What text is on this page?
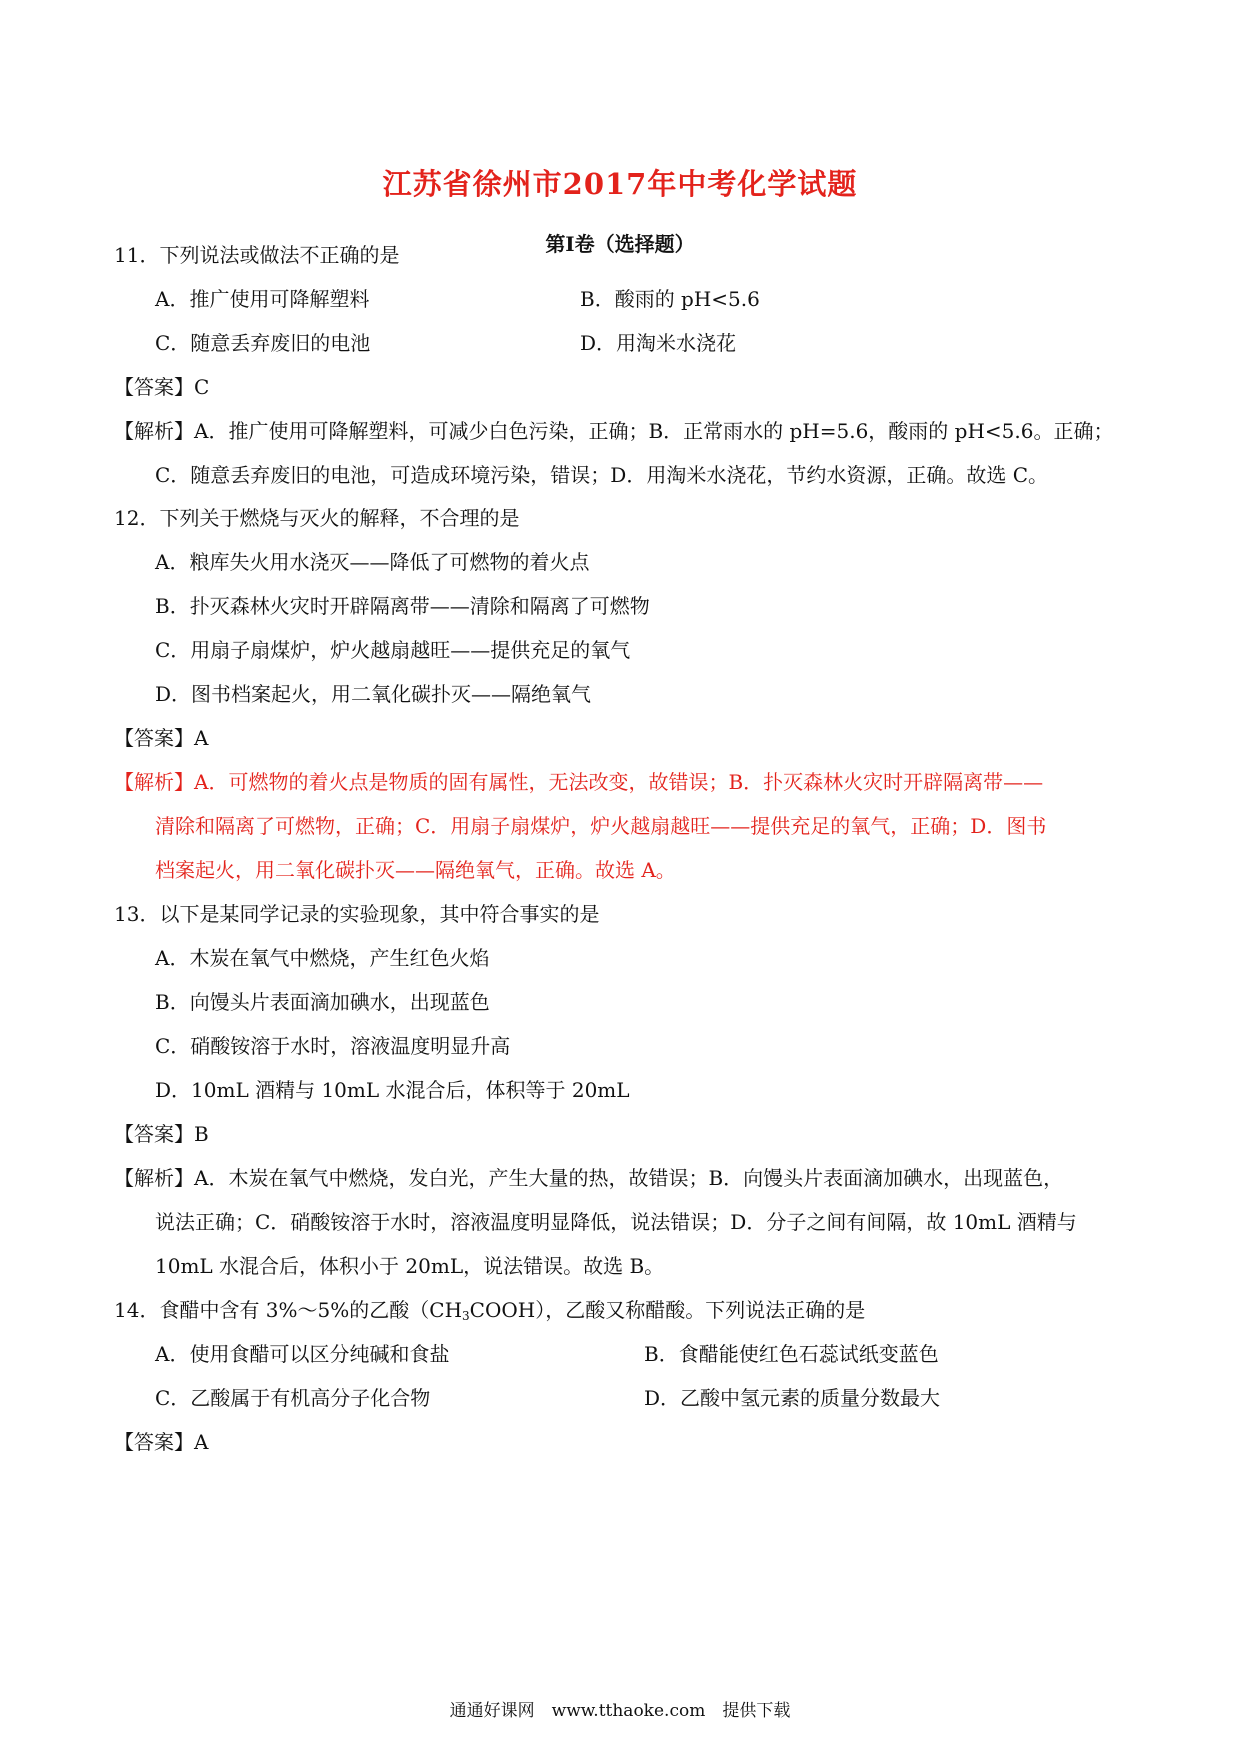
江苏省徐州市2017年中考化学试题
第Ⅰ卷（选择题）
11．下列说法或做法不正确的是
A．推广使用可降解塑料	B．酸雨的 pH<5.6
C．随意丢弃废旧的电池	D．用淘米水浇花
【答案】C
【解析】A．推广使用可降解塑料，可减少白色污染，正确；B．正常雨水的 pH=5.6，酸雨的 pH<5.6。正确；
C．随意丢弃废旧的电池，可造成环境污染，错误；D．用淘米水浇花，节约水资源，正确。故选 C。
12．下列关于燃烧与灭火的解释，不合理的是
A．粮库失火用水浇灭——降低了可燃物的着火点
B．扑灭森林火灾时开辟隔离带——清除和隔离了可燃物
C．用扇子扇煤炉，炉火越扇越旺——提供充足的氧气
D．图书档案起火，用二氧化碳扑灭——隔绝氧气
【答案】A
【解析】A．可燃物的着火点是物质的固有属性，无法改变，故错误；B．扑灭森林火灾时开辟隔离带——
清除和隔离了可燃物，正确；C．用扇子扇煤炉，炉火越扇越旺——提供充足的氧气，正确；D．图书
档案起火，用二氧化碳扑灭——隔绝氧气，正确。故选 A。
13．以下是某同学记录的实验现象，其中符合事实的是
A．木炭在氧气中燃烧，产生红色火焰
B．向馒头片表面滴加碘水，出现蓝色
C．硝酸铵溶于水时，溶液温度明显升高
D．10mL 酒精与 10mL 水混合后，体积等于 20mL
【答案】B
【解析】A．木炭在氧气中燃烧，发白光，产生大量的热，故错误；B．向馒头片表面滴加碘水，出现蓝色，
说法正确；C．硝酸铵溶于水时，溶液温度明显降低，说法错误；D．分子之间有间隔，故 10mL 酒精与
10mL 水混合后，体积小于 20mL，说法错误。故选 B。
14．食醋中含有 3%～5%的乙酸$(CH_3COOH)$，乙酸又称醋酸。下列说法正确的是
A．使用食醋可以区分纯碱和食盐	B．食醋能使红色石蕊试纸变蓝色
C．乙酸属于有机高分子化合物	D．乙酸中氢元素的质量分数最大
【答案】A
通通好课网　www.tthaoke.com　提供下载
